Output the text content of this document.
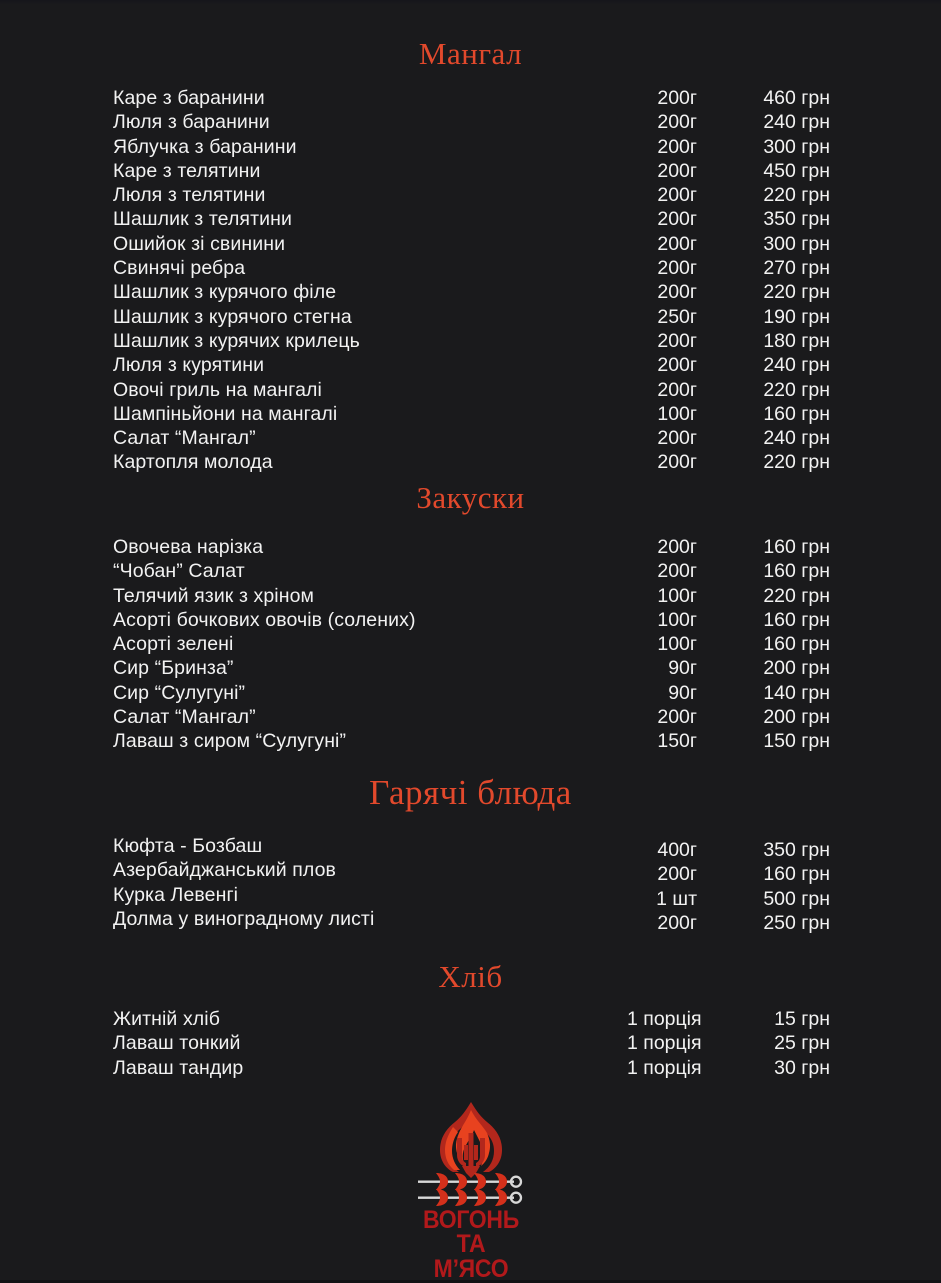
Мангал
Каре з баранини	200г	460 грн
Люля з баранини	200г	240 грн
Яблучка з баранини	200г	300 грн
Каре з телятини	200г	450 грн
Люля з телятини	200г	220 грн
Шашлик з телятини	200г	350 грн
Ошийок зі свинини	200г	300 грн
Свинячі ребра	200г	270 грн
Шашлик з курячого філе	200г	220 грн
Шашлик з курячого стегна	250г	190 грн
Шашлик з курячих крилець	200г	180 грн
Люля з курятини	200г	240 грн
Овочі гриль на мангалі	200г	220 грн
Шампіньйони на мангалі	100г	160 грн
Салат “Мангал”	200г	240 грн
Картопля молода	200г	220 грн
Закуски
Овочева нарізка	200г	160 грн
“Чобан” Салат	200г	160 грн
Телячий язик з хріном	100г	220 грн
Асорті бочкових овочів (солених)	100г	160 грн
Асорті зелені	100г	160 грн
Сир “Бринза”	90г	200 грн
Сир “Сулугуні”	90г	140 грн
Салат “Мангал”	200г	200 грн
Лаваш з сиром “Сулугуні”	150г	150 грн
Гарячі блюда
Кюфта - Бозбаш	400г	350 грн
Азербайджанський плов	200г	160 грн
Курка Левенгі	1 шт	500 грн
Долма у виноградному листі	200г	250 грн
Хліб
Житній хліб	1 порція	15 грн
Лаваш тонкий	1 порція	25 грн
Лаваш тандир	1 порція	30 грн
ВОГОНЬ
ТА М’ЯСО
